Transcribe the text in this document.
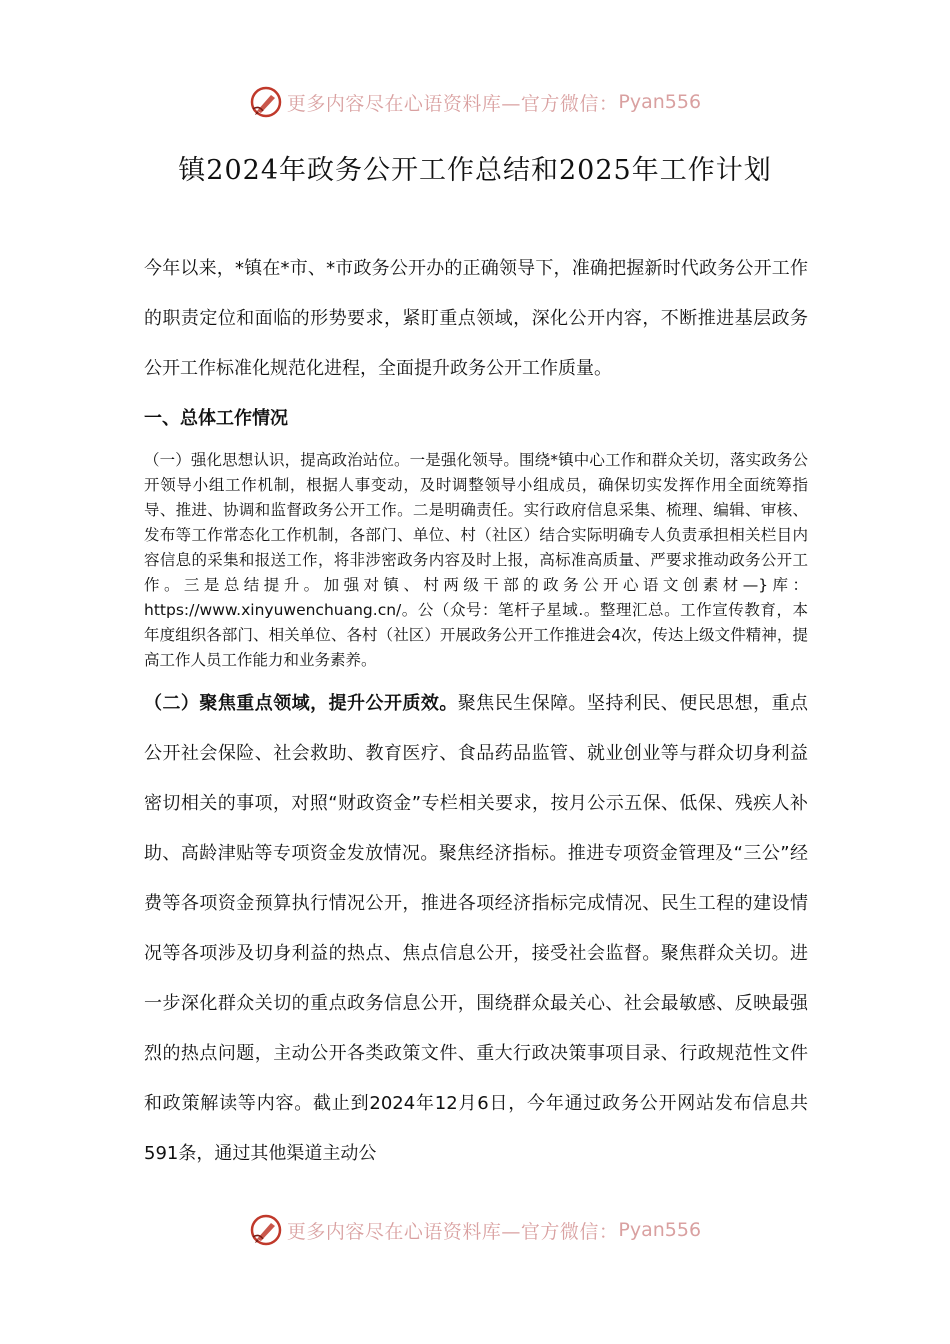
更多内容尽在心语资料库—官方微信： Pyan556
镇2024年政务公开工作总结和2025年工作计划

今年以来，*镇在*市、*市政务公开办的正确领导下，准确把握新时代政务公开工作的职责定位和面临的形势要求，紧盯重点领域，深化公开内容，不断推进基层政务公开工作标准化规范化进程，全面提升政务公开工作质量。

一、总体工作情况

（一）强化思想认识，提高政治站位。一是强化领导。围绕*镇中心工作和群众关切，落实政务公开领导小组工作机制，根据人事变动，及时调整领导小组成员，确保切实发挥作用全面统筹指导、推进、协调和监督政务公开工作。二是明确责任。实行政府信息采集、梳理、编辑、审核、发布等工作常态化工作机制，各部门、单位、村（社区）结合实际明确专人负责承担相关栏目内容信息的采集和报送工作，将非涉密政务内容及时上报，高标准高质量、严要求推动政务公开工作。三是总结提升。加强对镇、村两级干部的政务公开心语文创素材—}库：https://www.xinyuwenchuang.cn/。公（众号：笔杆子星域.。整理汇总。工作宣传教育，本年度组织各部门、相关单位、各村（社区）开展政务公开工作推进会4次，传达上级文件精神，提高工作人员工作能力和业务素养。

（二）聚焦重点领域，提升公开质效。聚焦民生保障。坚持利民、便民思想，重点公开社会保险、社会救助、教育医疗、食品药品监管、就业创业等与群众切身利益密切相关的事项，对照“财政资金”专栏相关要求，按月公示五保、低保、残疾人补助、高龄津贴等专项资金发放情况。聚焦经济指标。推进专项资金管理及“三公”经费等各项资金预算执行情况公开，推进各项经济指标完成情况、民生工程的建设情况等各项涉及切身利益的热点、焦点信息公开，接受社会监督。聚焦群众关切。进一步深化群众关切的重点政务信息公开，围绕群众最关心、社会最敏感、反映最强烈的热点问题，主动公开各类政策文件、重大行政决策事项目录、行政规范性文件和政策解读等内容。截止到2024年12月6日，今年通过政务公开网站发布信息共591条，通过其他渠道主动公

更多内容尽在心语资料库—官方微信： Pyan556
